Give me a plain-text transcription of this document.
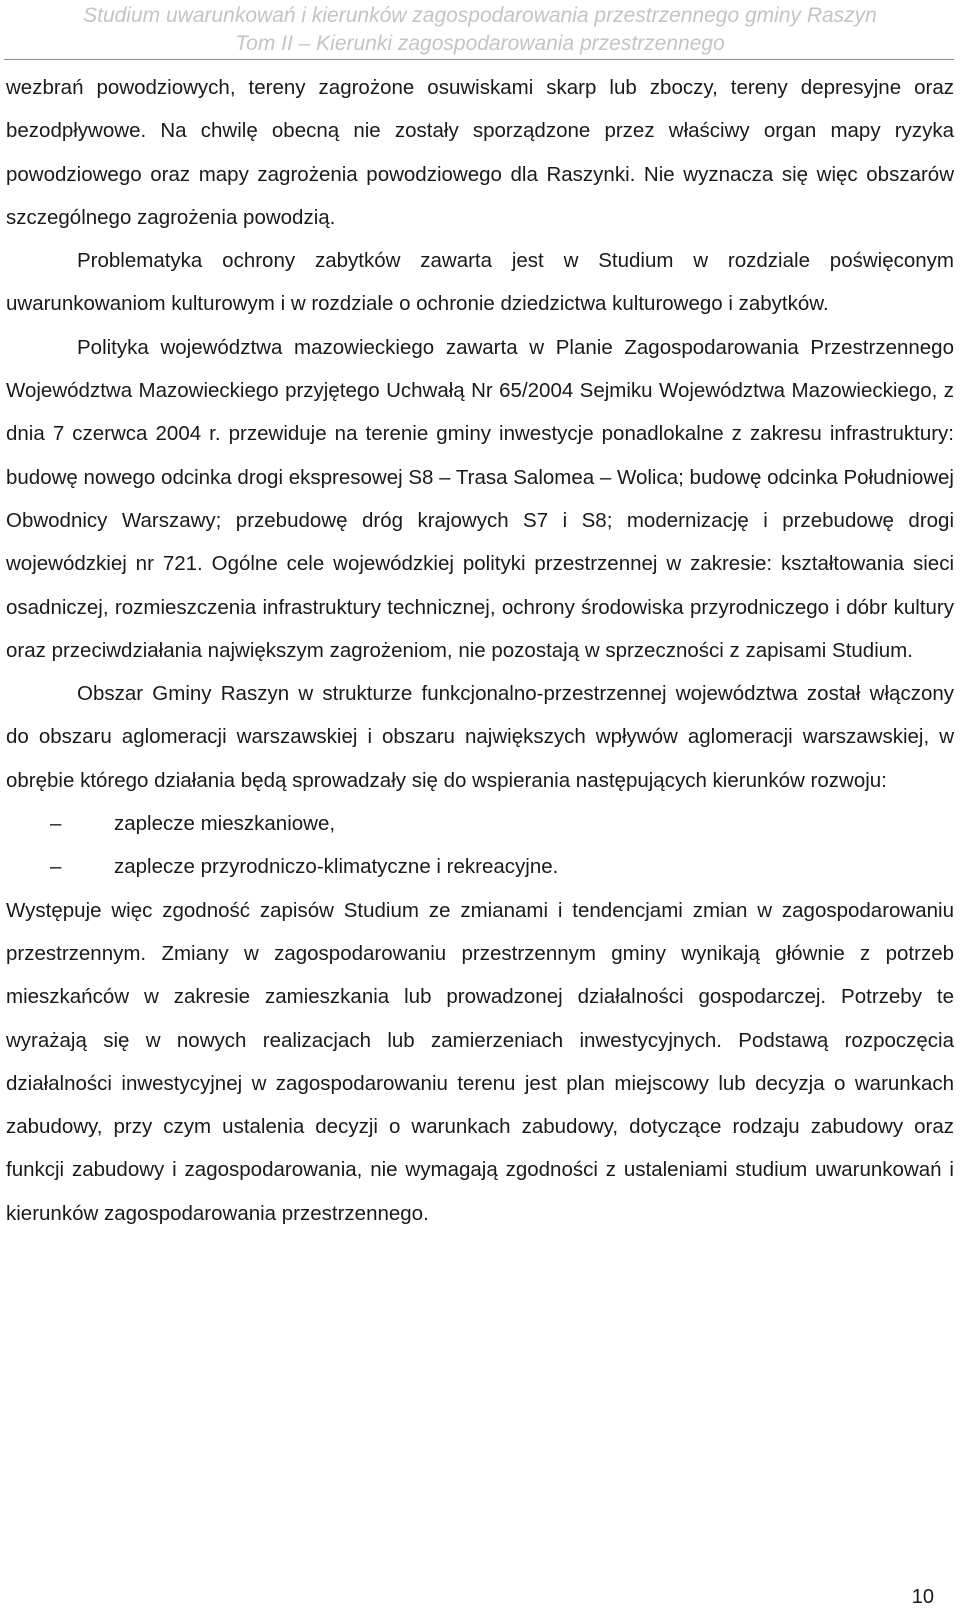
Studium uwarunkowań i kierunków zagospodarowania przestrzennego gminy Raszyn
Tom II – Kierunki zagospodarowania przestrzennego

wezbrań powodziowych, tereny zagrożone osuwiskami skarp lub zboczy, tereny depresyjne oraz bezodpływowe. Na chwilę obecną nie zostały sporządzone przez właściwy organ mapy ryzyka powodziowego oraz mapy zagrożenia powodziowego dla Raszynki. Nie wyznacza się więc obszarów szczególnego zagrożenia powodzią.

Problematyka ochrony zabytków zawarta jest w Studium w rozdziale poświęconym uwarunkowaniom kulturowym i w rozdziale o ochronie dziedzictwa kulturowego i zabytków.

Polityka województwa mazowieckiego zawarta w Planie Zagospodarowania Przestrzennego Województwa Mazowieckiego przyjętego Uchwałą Nr 65/2004 Sejmiku Województwa Mazowieckiego, z dnia 7 czerwca 2004 r. przewiduje na terenie gminy inwestycje ponadlokalne z zakresu infrastruktury: budowę nowego odcinka drogi ekspresowej S8 – Trasa Salomea – Wolica; budowę odcinka Południowej Obwodnicy Warszawy; przebudowę dróg krajowych S7 i S8; modernizację i przebudowę drogi wojewódzkiej nr 721. Ogólne cele wojewódzkiej polityki przestrzennej w zakresie: kształtowania sieci osadniczej, rozmieszczenia infrastruktury technicznej, ochrony środowiska przyrodniczego i dóbr kultury oraz przeciwdziałania największym zagrożeniom, nie pozostają w sprzeczności z zapisami Studium.

Obszar Gminy Raszyn w strukturze funkcjonalno-przestrzennej województwa został włączony do obszaru aglomeracji warszawskiej i obszaru największych wpływów aglomeracji warszawskiej, w obrębie którego działania będą sprowadzały się do wspierania następujących kierunków rozwoju:

–	zaplecze mieszkaniowe,
–	zaplecze przyrodniczo-klimatyczne i rekreacyjne.

Występuje więc zgodność zapisów Studium ze zmianami i tendencjami zmian w zagospodarowaniu przestrzennym. Zmiany w zagospodarowaniu przestrzennym gminy wynikają głównie z potrzeb mieszkańców w zakresie zamieszkania lub prowadzonej działalności gospodarczej. Potrzeby te wyrażają się w nowych realizacjach lub zamierzeniach inwestycyjnych. Podstawą rozpoczęcia działalności inwestycyjnej w zagospodarowaniu terenu jest plan miejscowy lub decyzja o warunkach zabudowy, przy czym ustalenia decyzji o warunkach zabudowy, dotyczące rodzaju zabudowy oraz funkcji zabudowy i zagospodarowania, nie wymagają zgodności z ustaleniami studium uwarunkowań i kierunków zagospodarowania przestrzennego.

10
